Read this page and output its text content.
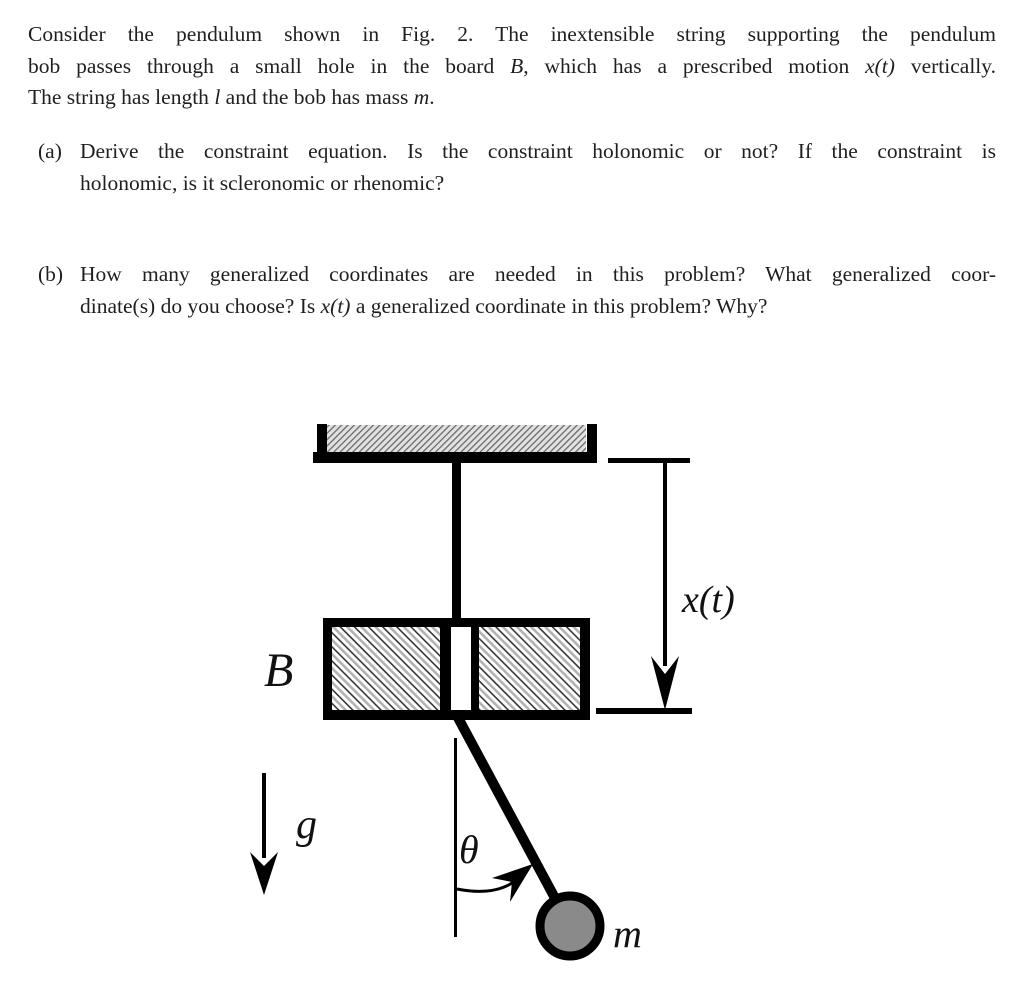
Consider the pendulum shown in Fig. 2. The inextensible string supporting the pendulum
bob passes through a small hole in the board B, which has a prescribed motion x(t) vertically.
The string has length l and the bob has mass m.
(a) Derive the constraint equation. Is the constraint holonomic or not? If the constraint is
holonomic, is it scleronomic or rhenomic?
(b) How many generalized coordinates are needed in this problem? What generalized coor-
dinate(s) do you choose? Is x(t) a generalized coordinate in this problem? Why?
x(t)
B
θ
g
m
